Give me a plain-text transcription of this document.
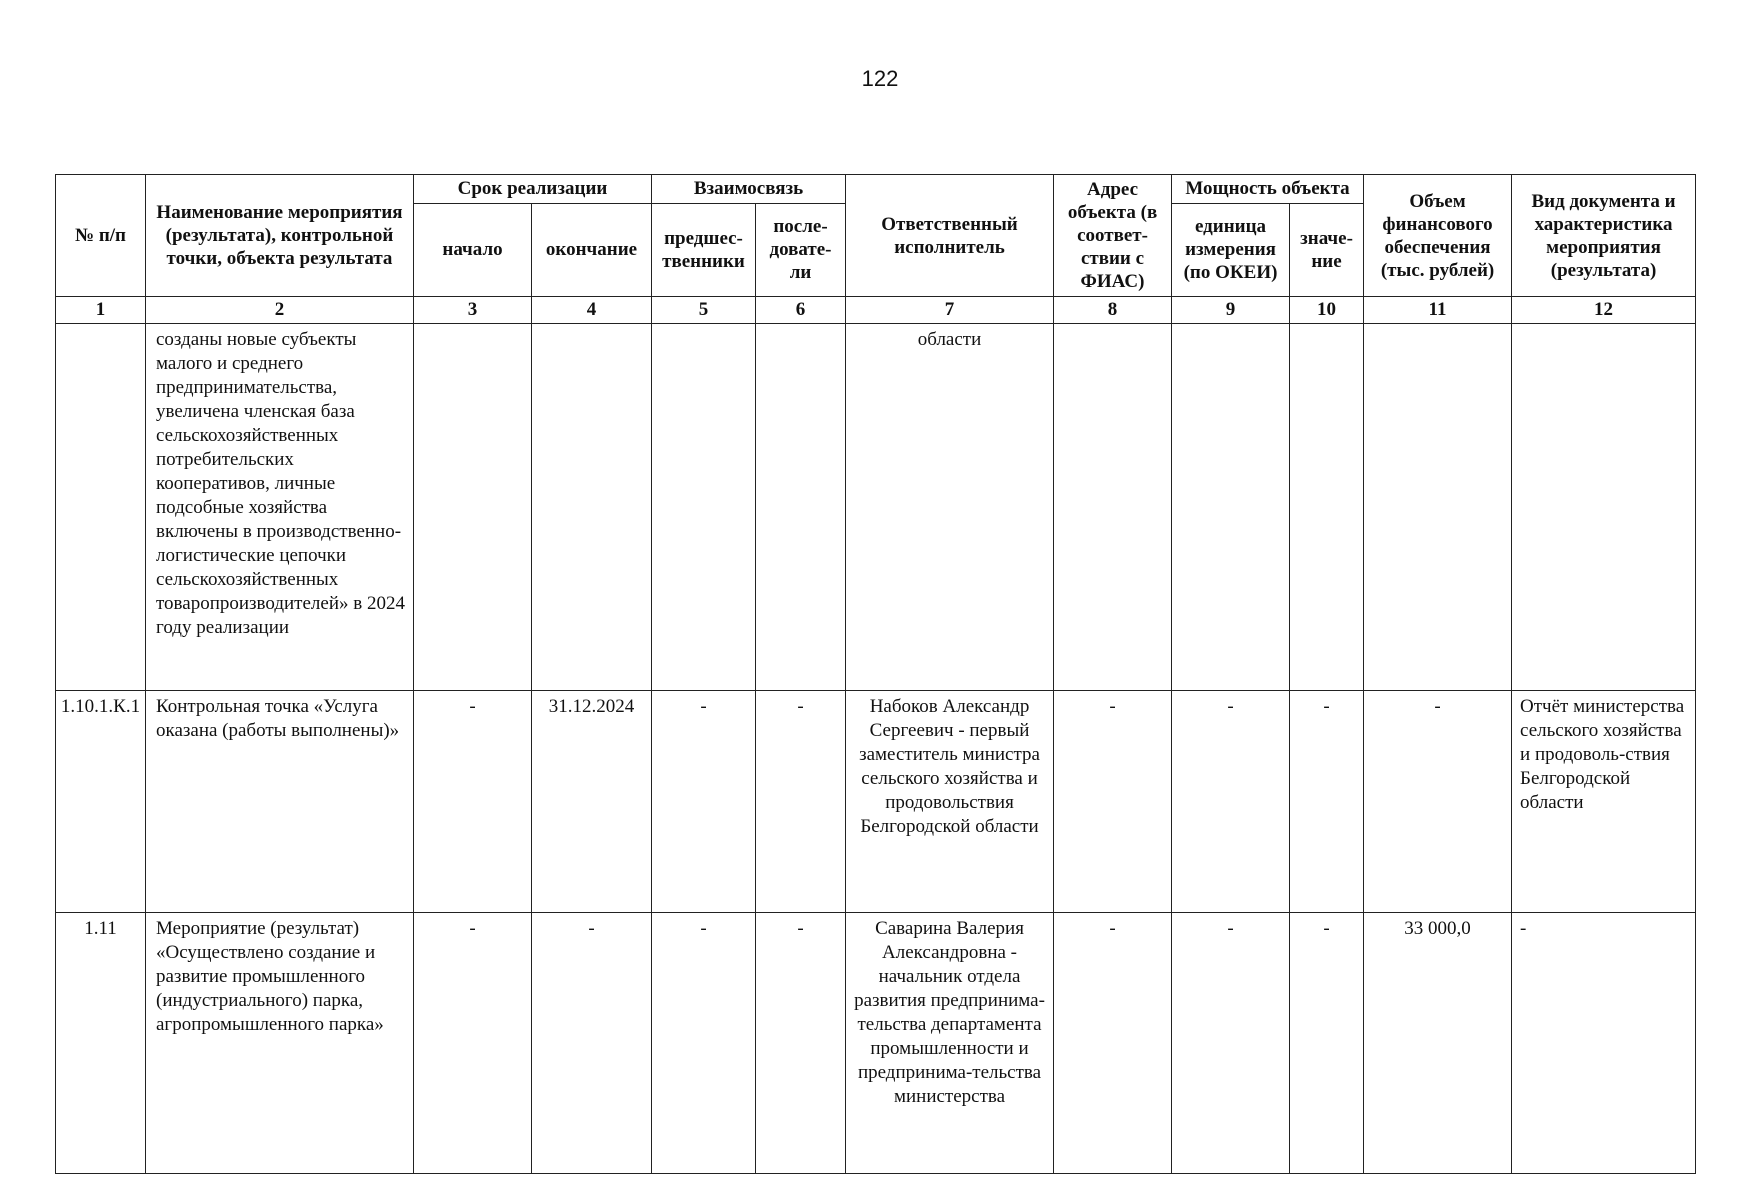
122
№ п/п	Наименование мероприятия (результата), контрольной точки, объекта результата	Срок реализации		Взаимосвязь		Ответственный исполнитель	Адрес объекта (в соответ-ствии с ФИАС)	Мощность объекта		Объем финансового обеспечения (тыс. рублей)	Вид документа и характеристика мероприятия (результата)
		начало	окончание	предшес-твенники	после-довате-ли			единица измерения (по ОКЕИ)	значе-ние		
1	2	3	4	5	6	7	8	9	10	11	12
	созданы новые субъекты малого и среднего предпринимательства, увеличена членская база сельскохозяйственных потребительских кооперативов, личные подсобные хозяйства включены в производственно-логистические цепочки сельскохозяйственных товаропроизводителей» в 2024 году реализации					области					
1.10.1.К.1	Контрольная точка «Услуга оказана (работы выполнены)»	-	31.12.2024	-	-	Набоков Александр Сергеевич - первый заместитель министра сельского хозяйства и продовольствия Белгородской области	-	-	-	-	Отчёт министерства сельского хозяйства и продоволь-ствия Белгородской области
1.11	Мероприятие (результат) «Осуществлено создание и развитие промышленного (индустриального) парка, агропромышленного парка»	-	-	-	-	Саварина Валерия Александровна - начальник отдела развития предпринима-тельства департамента промышленности и предпринима-тельства министерства	-	-	-	33 000,0	-
